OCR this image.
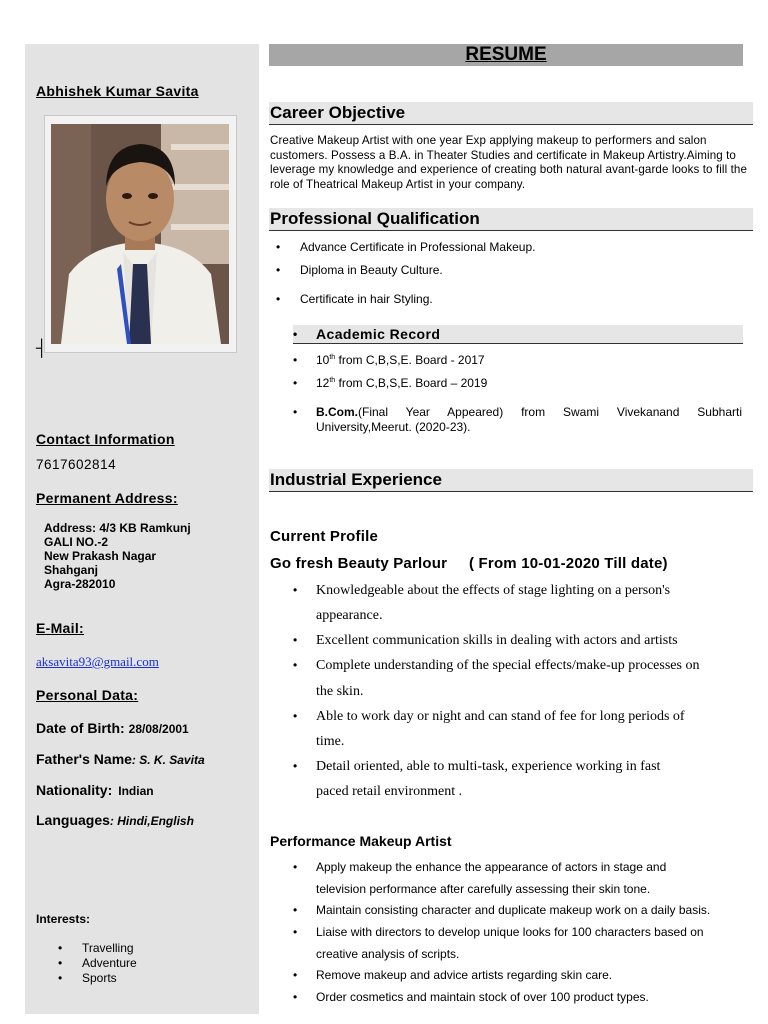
Abhishek Kumar Savita
┤
Contact Information
7617602814
Permanent Address:
Address: 4/3 KB Ramkunj
GALI NO.-2
New Prakash Nagar
Shahganj
Agra-282010
E-Mail:
aksavita93@gmail.com
Personal Data:
Date of Birth: 28/08/2001
Father's Name: S. K. Savita
Nationality: Indian
Languages: Hindi,English
Interests:
• Travelling
• Adventure
• Sports
RESUME
Career Objective
Creative Makeup Artist with one year Exp applying makeup to performers and salon customers. Possess a B.A. in Theater Studies and certificate in Makeup Artistry.Aiming to leverage my knowledge and experience of creating both natural avant-garde looks to fill the role of Theatrical Makeup Artist in your company.
Professional Qualification
• Advance Certificate in Professional Makeup.
• Diploma in Beauty Culture.
• Certificate in hair Styling.
• Academic Record
• 10th from C,B,S,E. Board - 2017
• 12th from C,B,S,E. Board – 2019
• B.Com.(Final Year Appeared) from Swami Vivekanand Subharti
University,Meerut. (2020-23).
Industrial Experience
Current Profile
Go fresh Beauty Parlour     ( From 10-01-2020 Till date)
• Knowledgeable about the effects of stage lighting on a person's
appearance.
• Excellent communication skills in dealing with actors and artists
• Complete understanding of the special effects/make-up processes on
the skin.
• Able to work day or night and can stand of fee for long periods of
time.
• Detail oriented, able to multi-task, experience working in fast
paced retail environment .
Performance Makeup Artist
• Apply makeup the enhance the appearance of actors in stage and
television performance after carefully assessing their skin tone.
• Maintain consisting character and duplicate makeup work on a daily basis.
• Liaise with directors to develop unique looks for 100 characters based on
creative analysis of scripts.
• Remove makeup and advice artists regarding skin care.
• Order cosmetics and maintain stock of over 100 product types.
